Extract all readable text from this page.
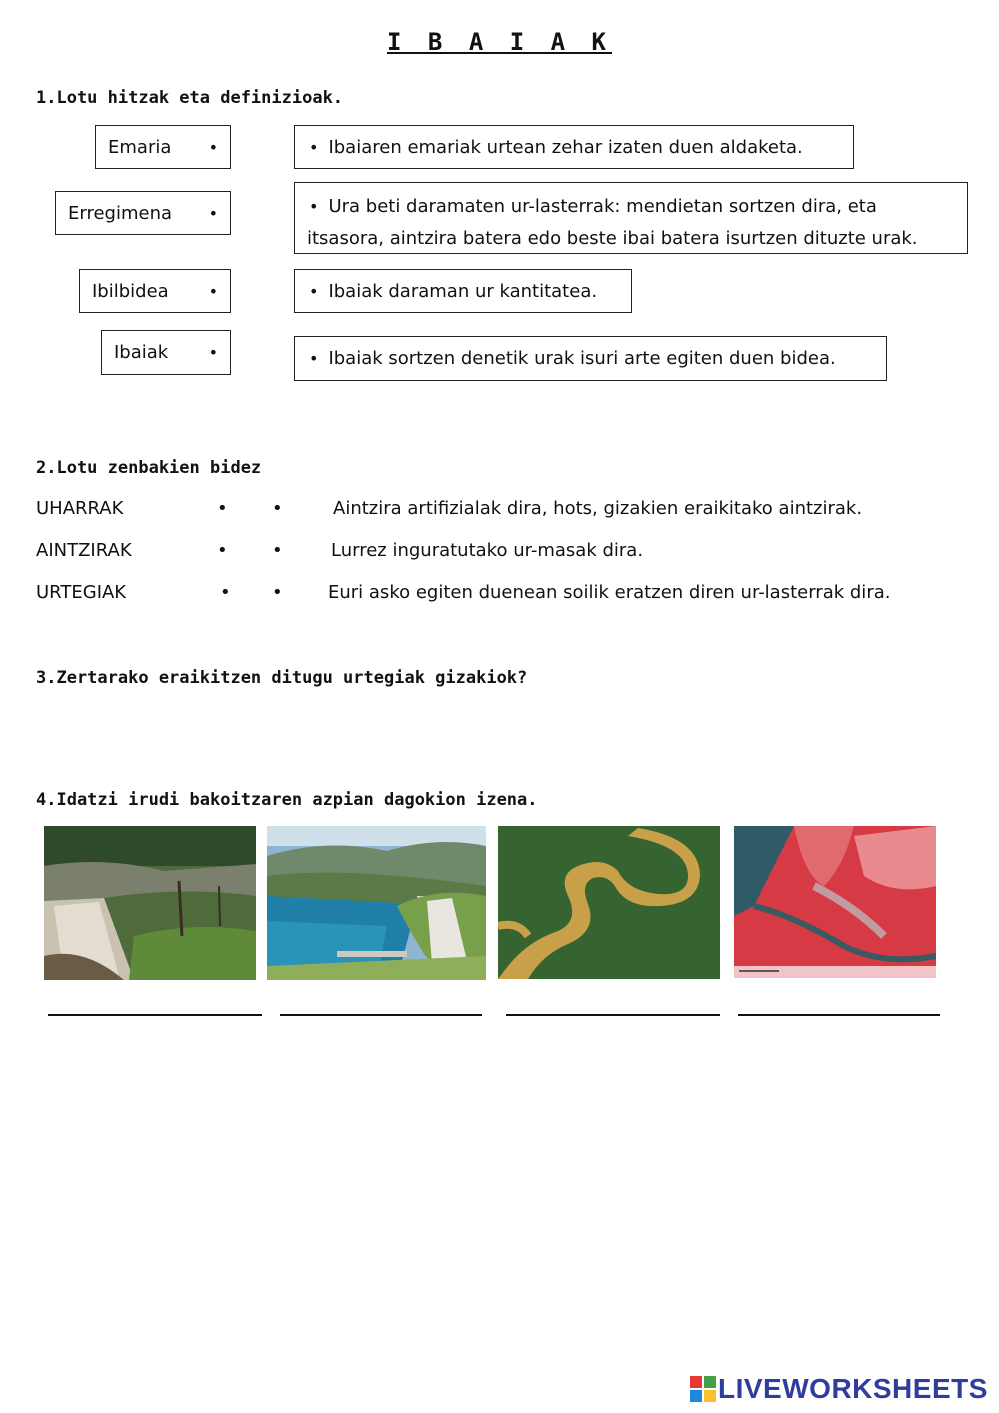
I B A I A K
1.Lotu hitzak eta definizioak.
Emaria •
Erregimena •
Ibilbidea •
Ibaiak	•
• Ibaiaren emariak urtean zehar izaten duen aldaketa.
• Ura beti daramaten ur-lasterrak: mendietan sortzen dira, eta
itsasora, aintzira batera edo beste ibai batera isurtzen dituzte urak.
• Ibaiak daraman ur kantitatea.
• Ibaiak sortzen denetik urak isuri arte egiten duen bidea.
2.Lotu zenbakien bidez
UHARRAK
AINTZIRAK
URTEGIAK
•
•
•
•
•
•
Aintzira artifizialak dira, hots, gizakien eraikitako aintzirak.
Lurrez inguratutako ur-masak dira.
Euri asko egiten duenean soilik eratzen diren ur-lasterrak dira.
3.Zertarako eraikitzen ditugu urtegiak gizakiok?
4.Idatzi irudi bakoitzaren azpian dagokion izena.
LIVEWORKSHEETS
